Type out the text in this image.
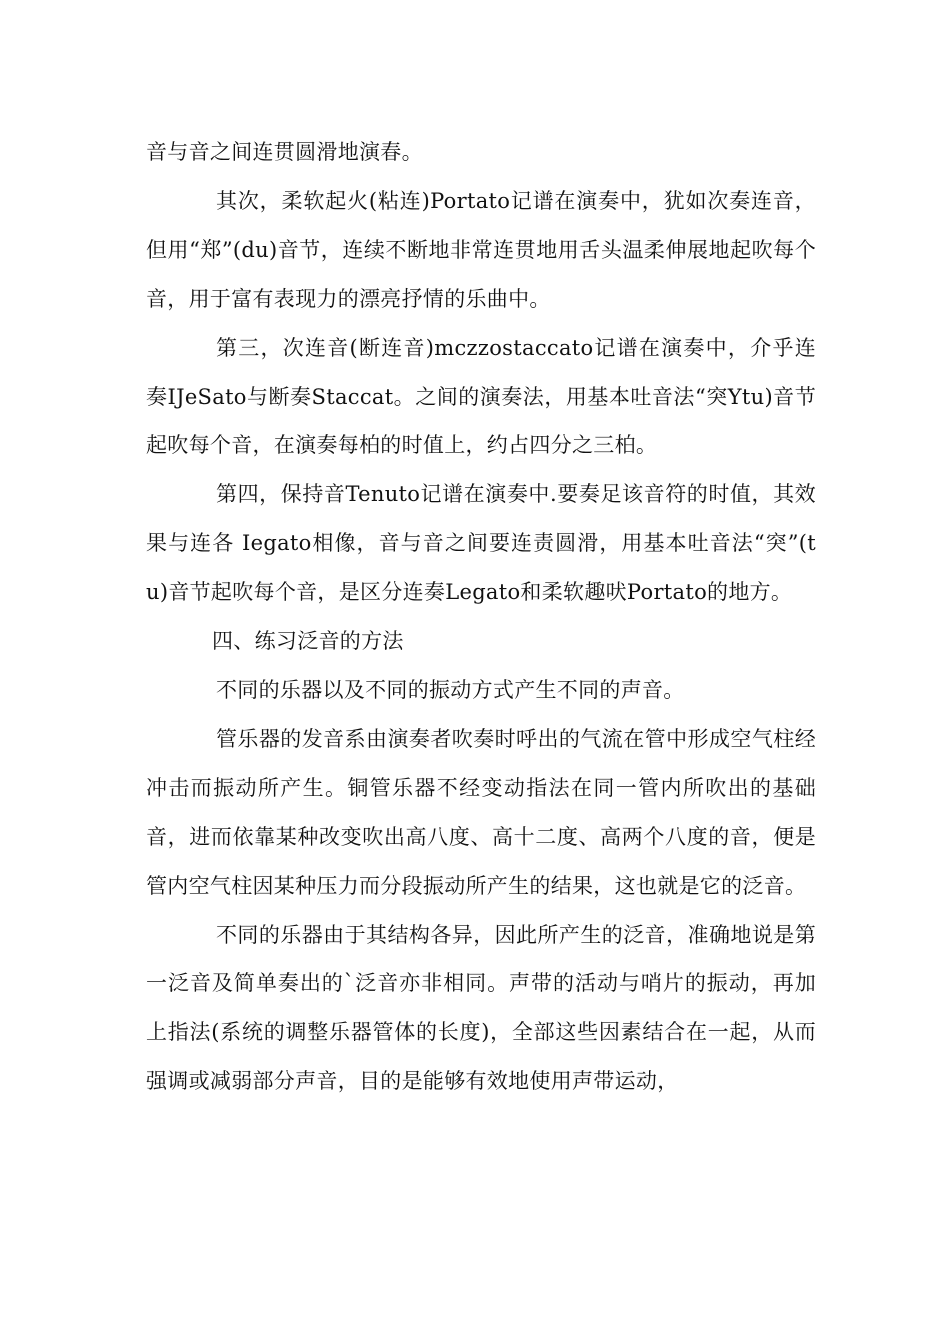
音与音之间连贯圆滑地演春。

其次，柔软起火(粘连)Portato记谱在演奏中，犹如次奏连音，但用“郑”(du)音节，连续不断地非常连贯地用舌头温柔伸展地起吹每个音，用于富有表现力的漂亮抒情的乐曲中。

第三，次连音(断连音)mczzostaccato记谱在演奏中，介乎连奏IJeSato与断奏Staccat。之间的演奏法，用基本吐音法“突Ytu)音节起吹每个音，在演奏每柏的时值上，约占四分之三柏。

第四，保持音Tenuto记谱在演奏中.要奏足该音符的时值，其效果与连各 Iegato相像，音与音之间要连责圆滑，用基本吐音法“突”(tu)音节起吹每个音，是区分连奏Legato和柔软趣吠Portato的地方。

四、练习泛音的方法

不同的乐器以及不同的振动方式产生不同的声音。

管乐器的发音系由演奏者吹奏时呼出的气流在管中形成空气柱经冲击而振动所产生。铜管乐器不经变动指法在同一管内所吹出的基础音，进而依靠某种改变吹出高八度、高十二度、高两个八度的音，便是管内空气柱因某种压力而分段振动所产生的结果，这也就是它的泛音。

不同的乐器由于其结构各异，因此所产生的泛音，准确地说是第一泛音及简单奏出的`泛音亦非相同。声带的活动与哨片的振动，再加上指法(系统的调整乐器管体的长度)，全部这些因素结合在一起，从而强调或减弱部分声音，目的是能够有效地使用声带运动，
